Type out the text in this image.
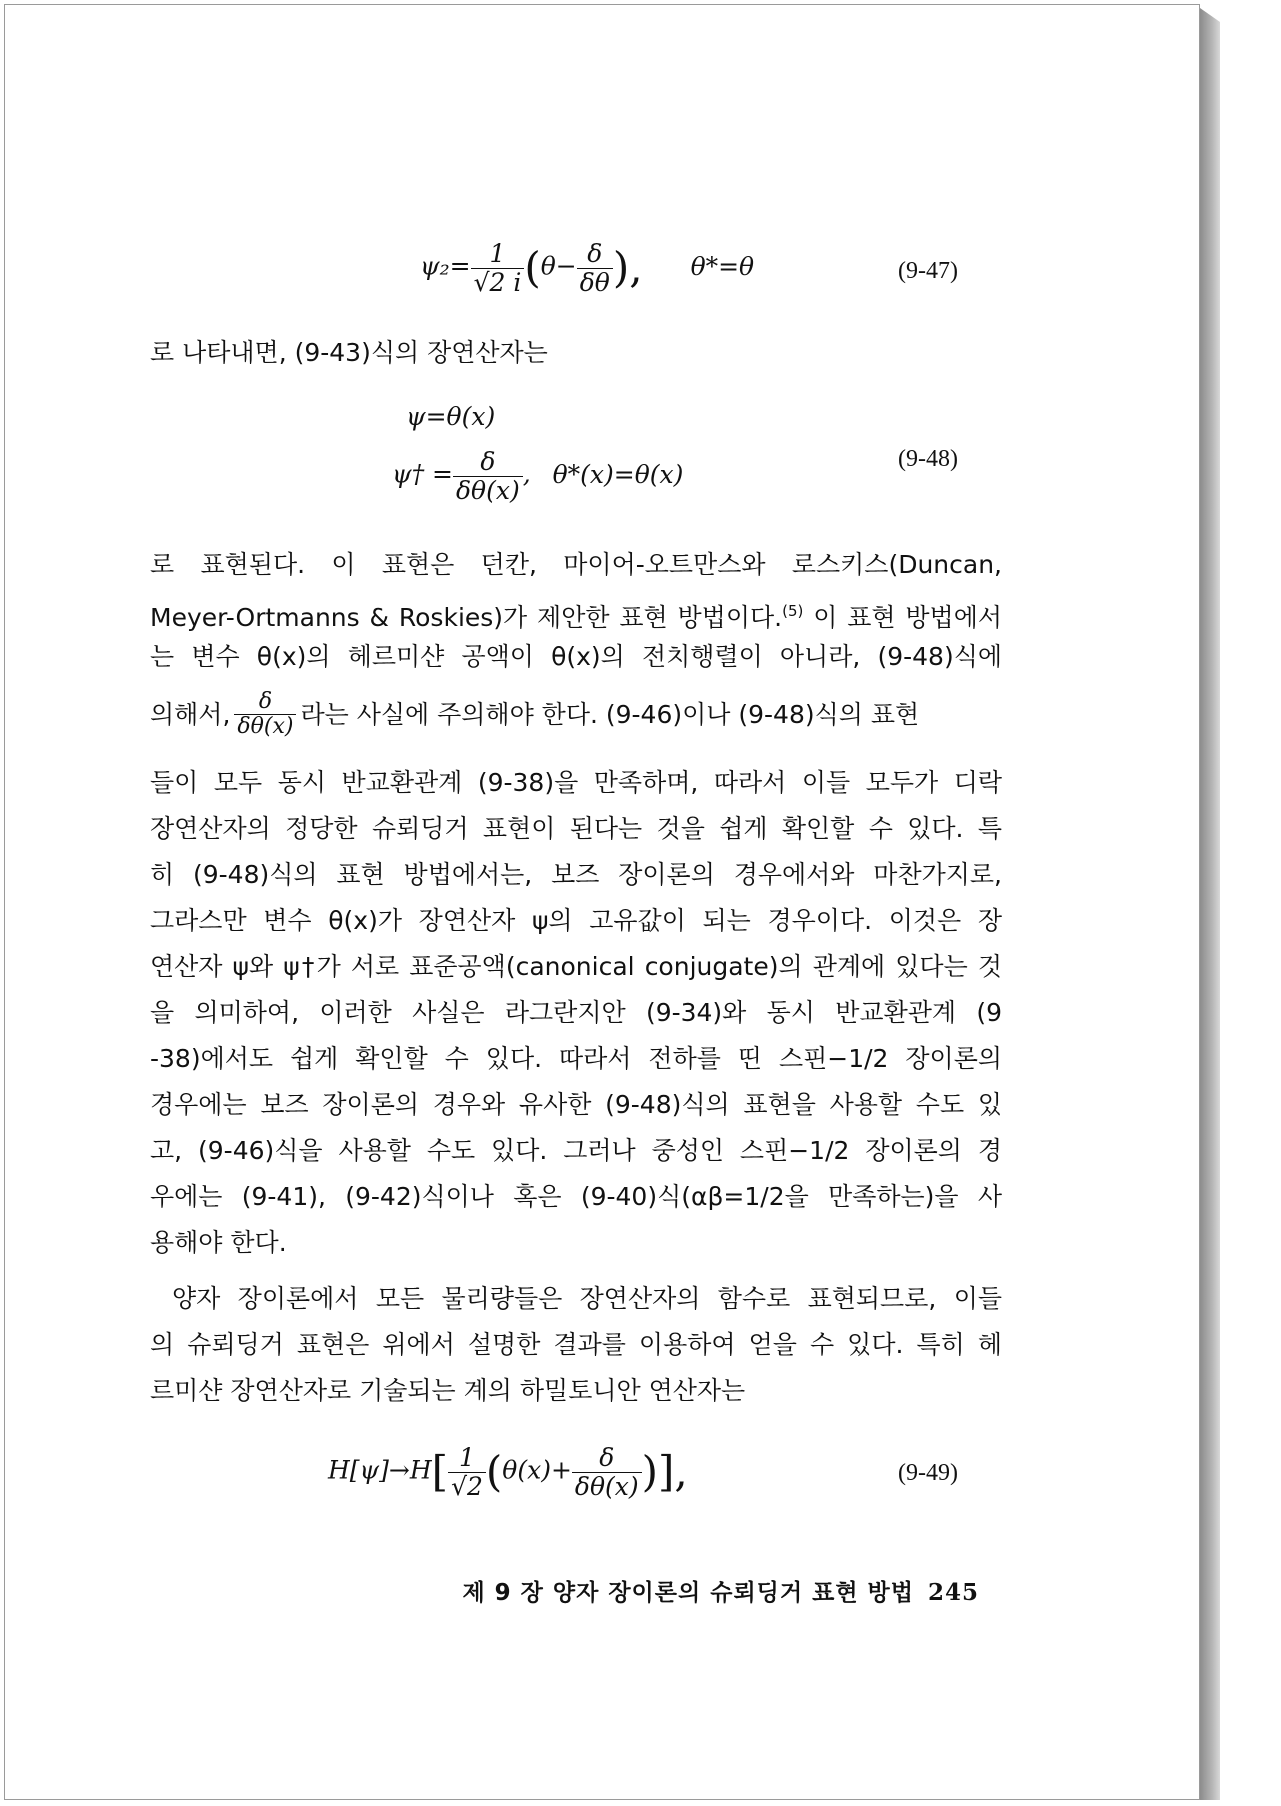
$\psi_2= \frac{1}{√2 i} (\theta- \frac{\delta}{\delta\theta}$ ), θ*=θ	(9-47)
로 나타내면, (9-43)식의 장연산자는
ψ=θ(x)
ψ† = $\frac{\delta}{\delta\theta(x)}$ , θ*(x)=θ(x)
(9-48)
로 표현된다. 이 표현은 던칸, 마이어-오트만스와 로스키스(Duncan,
Meyer-Ortmanns & Roskies)가 제안한 표현 방법이다.$^{(5)}$ 이 표현 방법에서
는 변수 θ(x)의 헤르미샨 공액이 θ(x)의 전치행렬이 아니라, (9-48)식에
의해서, $\frac{\delta}{\delta\theta(x)}$ 라는 사실에 주의해야 한다. (9-46)이나 (9-48)식의 표현
들이 모두 동시 반교환관계 (9-38)을 만족하며, 따라서 이들 모두가 디락
장연산자의 정당한 슈뢰딩거 표현이 된다는 것을 쉽게 확인할 수 있다. 특
히 (9-48)식의 표현 방법에서는, 보즈 장이론의 경우에서와 마찬가지로,
그라스만 변수 θ(x)가 장연산자 ψ의 고유값이 되는 경우이다. 이것은 장
연산자 ψ와 ψ†가 서로 표준공액(canonical conjugate)의 관계에 있다는 것
을 의미하여, 이러한 사실은 라그란지안 (9-34)와 동시 반교환관계 (9
-38)에서도 쉽게 확인할 수 있다. 따라서 전하를 띤 스핀−1/2 장이론의
경우에는 보즈 장이론의 경우와 유사한 (9-48)식의 표현을 사용할 수도 있
고, (9-46)식을 사용할 수도 있다. 그러나 중성인 스핀−1/2 장이론의 경
우에는 (9-41), (9-42)식이나 혹은 (9-40)식(αβ=1/2을 만족하는)을 사
용해야 한다.
양자 장이론에서 모든 물리량들은 장연산자의 함수로 표현되므로, 이들
의 슈뢰딩거 표현은 위에서 설명한 결과를 이용하여 얻을 수 있다. 특히 헤
르미샨 장연산자로 기술되는 계의 하밀토니안 연산자는
$H[\psi]\to H[ \frac{1}{√2} (\theta(x)+ \frac{\delta}{\delta\theta(x)}$ )],	(9-49)
제 9 장 양자 장이론의 슈뢰딩거 표현 방법 245
